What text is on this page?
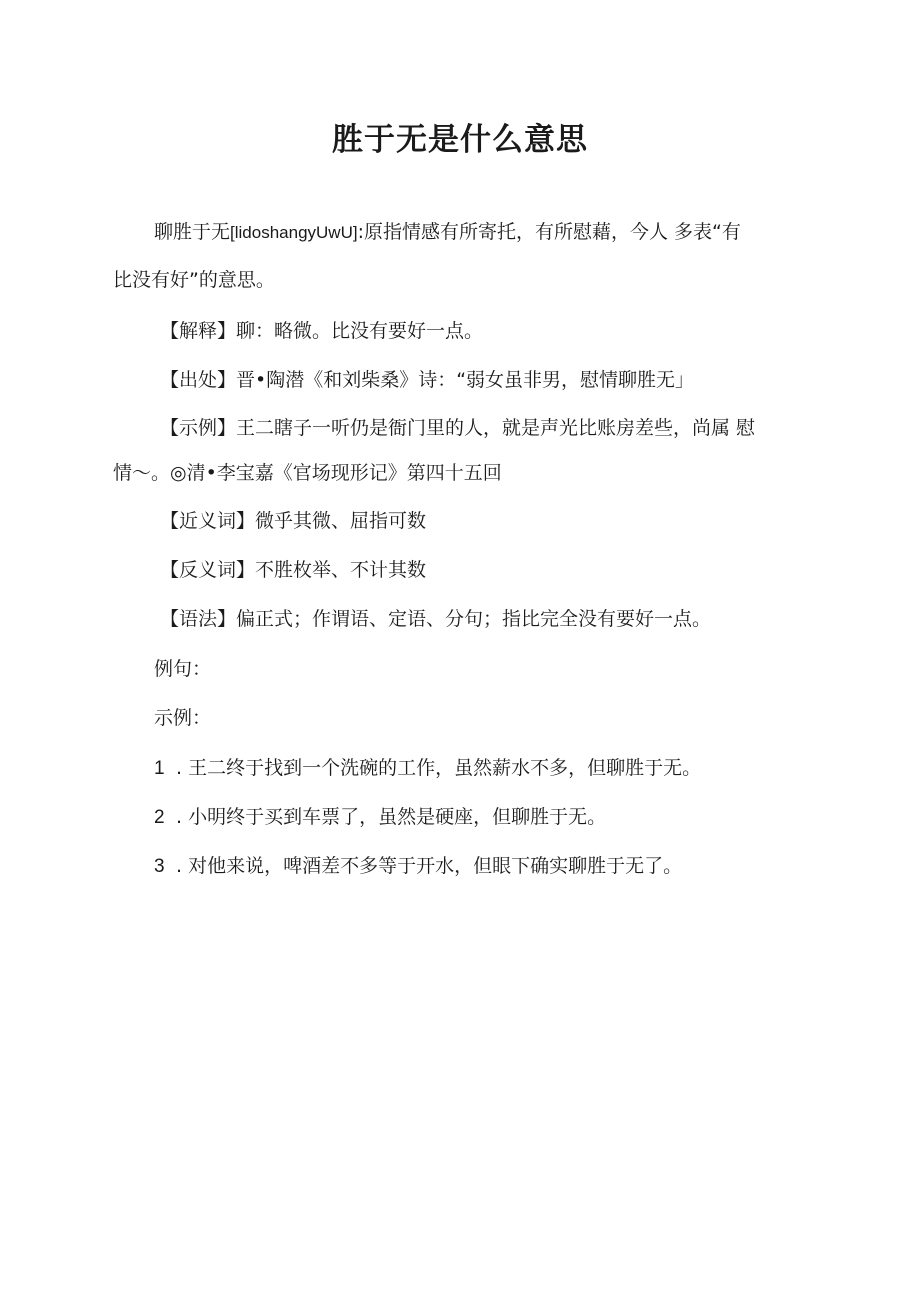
胜于无是什么意思
聊胜于无[lidoshangyUwU]:原指情感有所寄托，有所慰藉，今人 多表“有
比没有好”的意思。
【解释】聊：略微。比没有要好一点。
【出处】晋•陶潜《和刘柴桑》诗：“弱女虽非男，慰情聊胜无」
【示例】王二瞎子一听仍是衙门里的人，就是声光比账房差些，尚属 慰
情～。◎清•李宝嘉《官场现形记》第四十五回
【近义词】微乎其微、屈指可数
【反义词】不胜枚举、不计其数
【语法】偏正式；作谓语、定语、分句；指比完全没有要好一点。
例句：
示例：
1 . 王二终于找到一个洗碗的工作，虽然薪水不多，但聊胜于无。
2 . 小明终于买到车票了，虽然是硬座，但聊胜于无。
3 . 对他来说，啤酒差不多等于开水，但眼下确实聊胜于无了。
